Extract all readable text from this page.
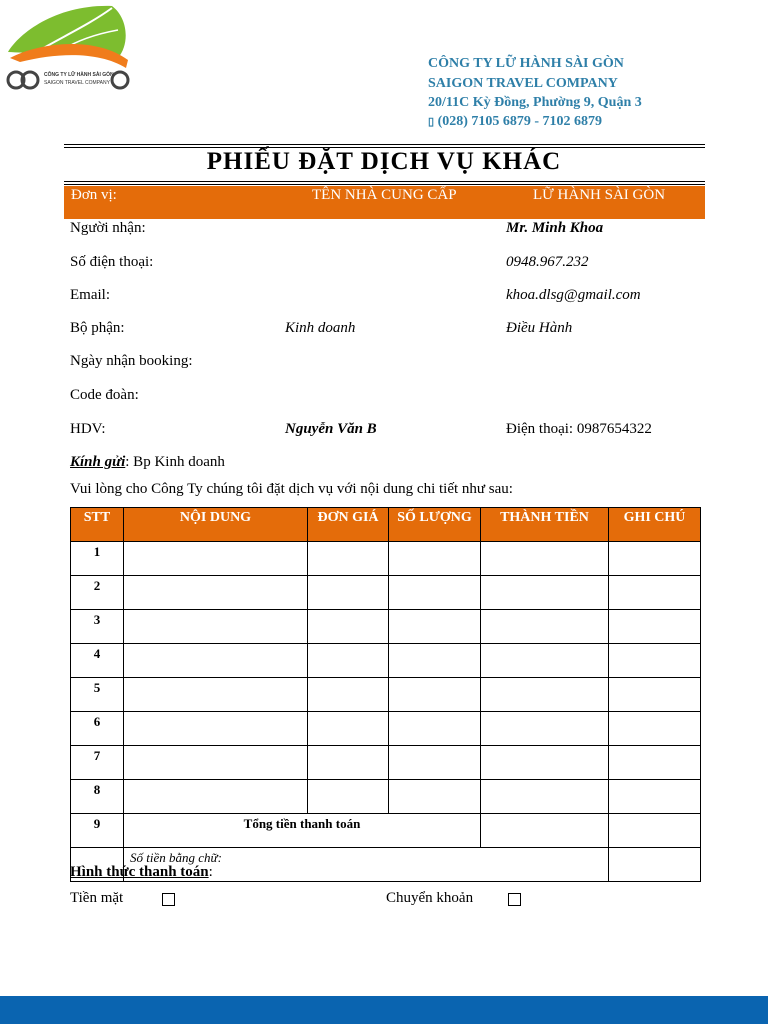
CÔNG TY LỮ HÀNH SÀI GÒN
SAIGON TRAVEL COMPANY
CÔNG TY LỮ HÀNH SÀI GÒN
SAIGON TRAVEL COMPANY
20/11C Kỳ Đồng, Phường 9, Quận 3
▯ (028) 7105 6879 - 7102 6879
PHIẾU ĐẶT DỊCH VỤ KHÁC
Đơn vị:	TÊN NHÀ CUNG CẤP	LỮ HÀNH SÀI GÒN
Người nhận:	Mr. Minh Khoa
Số điện thoại:	0948.967.232
Email:	khoa.dlsg@gmail.com
Bộ phận:	Kinh doanh	Điều Hành
Ngày nhận booking:
Code đoàn:
HDV:	Nguyễn Văn B	Điện thoại: 0987654322
Kính gửi: Bp Kinh doanh
Vui lòng cho Công Ty chúng tôi đặt dịch vụ với nội dung chi tiết như sau:
STT	NỘI DUNG	ĐƠN GIÁ	SỐ LƯỢNG	THÀNH TIỀN	GHI CHÚ
1					
2					
3					
4					
5					
6					
7					
8					
9	Tổng tiền thanh toán				
	Số tiền bằng chữ:				
Hình thức thanh toán:
Tiền mặt	Chuyển khoản
